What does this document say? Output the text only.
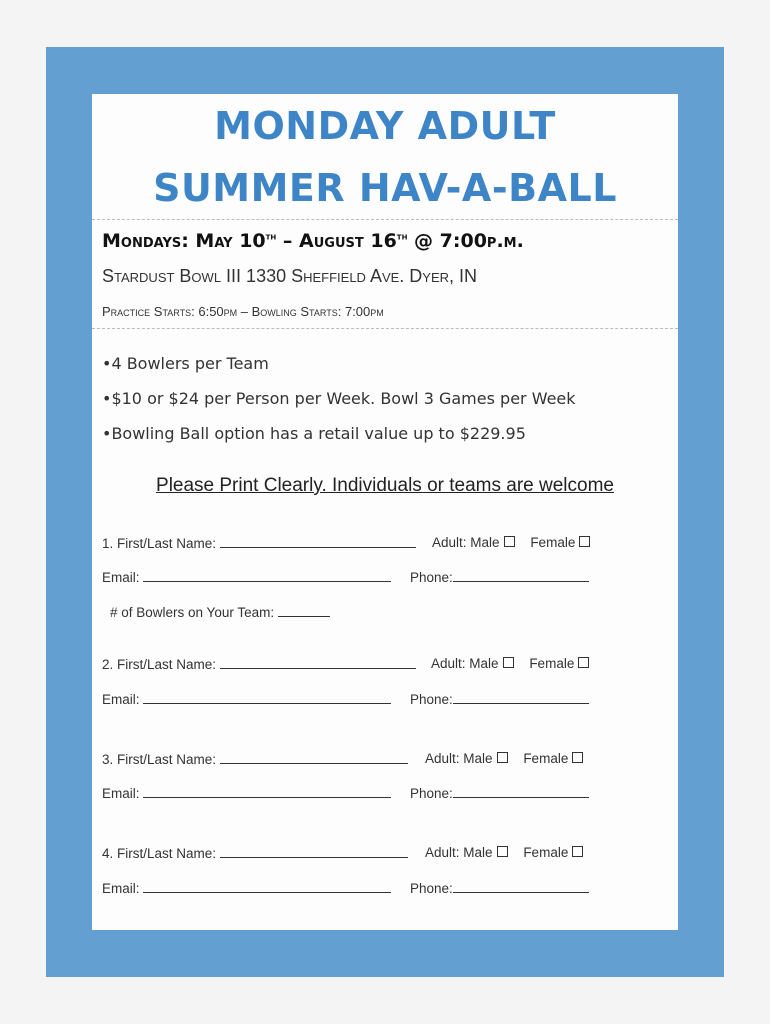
MONDAY ADULT
SUMMER HAV-A-BALL
Mondays: May 10th – August 16th @ 7:00p.m.
Stardust Bowl III 1330 Sheffield Ave. Dyer, IN
Practice Starts: 6:50pm – Bowling Starts: 7:00pm
•4 Bowlers per Team
•$10 or $24 per Person per Week. Bowl 3 Games per Week
•Bowling Ball option has a retail value up to $229.95
Please Print Clearly. Individuals or teams are welcome
1. First/Last Name:	Adult: Male Female
Email:	Phone:
# of Bowlers on Your Team:
2. First/Last Name:	Adult: Male Female
Email:	Phone:
3. First/Last Name:	Adult: Male Female
Email:	Phone:
4. First/Last Name:	Adult: Male Female
Email:	Phone:
